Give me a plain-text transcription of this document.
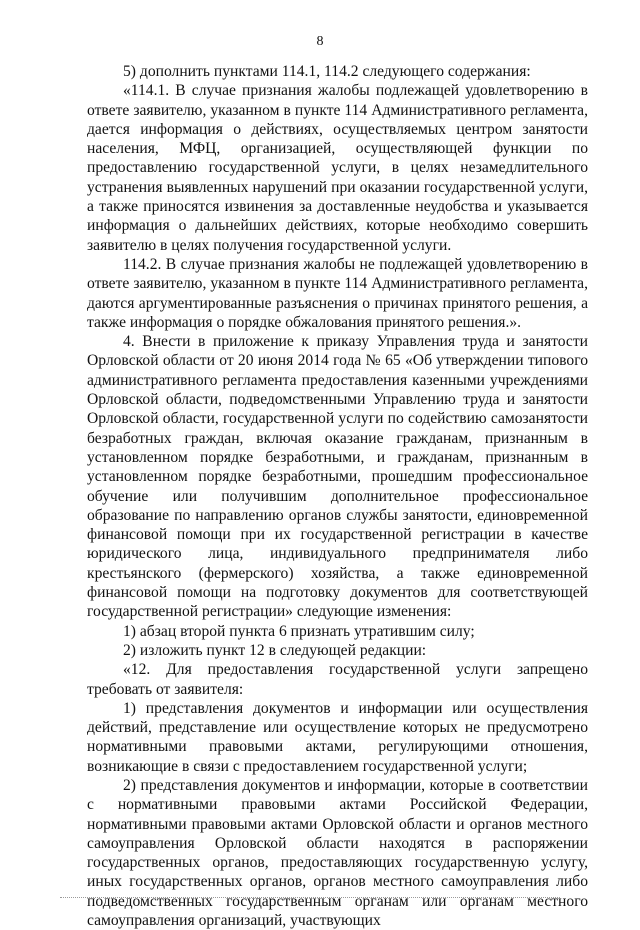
8

5) дополнить пунктами 114.1, 114.2 следующего содержания:

«114.1. В случае признания жалобы подлежащей удовлетворению в ответе заявителю, указанном в пункте 114 Административного регламента, дается информация о действиях, осуществляемых центром занятости населения, МФЦ, организацией, осуществляющей функции по предоставлению государственной услуги, в целях незамедлительного устранения выявленных нарушений при оказании государственной услуги, а также приносятся извинения за доставленные неудобства и указывается информация о дальнейших действиях, которые необходимо совершить заявителю в целях получения государственной услуги.

114.2. В случае признания жалобы не подлежащей удовлетворению в ответе заявителю, указанном в пункте 114 Административного регламента, даются аргументированные разъяснения о причинах принятого решения, а также информация о порядке обжалования принятого решения.».

4. Внести в приложение к приказу Управления труда и занятости Орловской области от 20 июня 2014 года № 65 «Об утверждении типового административного регламента предоставления казенными учреждениями Орловской области, подведомственными Управлению труда и занятости Орловской области, государственной услуги по содействию самозанятости безработных граждан, включая оказание гражданам, признанным в установленном порядке безработными, и гражданам, признанным в установленном порядке безработными, прошедшим профессиональное обучение или получившим дополнительное профессиональное образование по направлению органов службы занятости, единовременной финансовой помощи при их государственной регистрации в качестве юридического лица, индивидуального предпринимателя либо крестьянского (фермерского) хозяйства, а также единовременной финансовой помощи на подготовку документов для соответствующей государственной регистрации» следующие изменения:

1) абзац второй пункта 6 признать утратившим силу;

2) изложить пункт 12 в следующей редакции:

«12. Для предоставления государственной услуги запрещено требовать от заявителя:

1) представления документов и информации или осуществления действий, представление или осуществление которых не предусмотрено нормативными правовыми актами, регулирующими отношения, возникающие в связи с предоставлением государственной услуги;

2) представления документов и информации, которые в соответствии с нормативными правовыми актами Российской Федерации, нормативными правовыми актами Орловской области и органов местного самоуправления Орловской области находятся в распоряжении государственных органов, предоставляющих государственную услугу, иных государственных органов, органов местного самоуправления либо подведомственных государственным органам или органам местного самоуправления организаций, участвующих
